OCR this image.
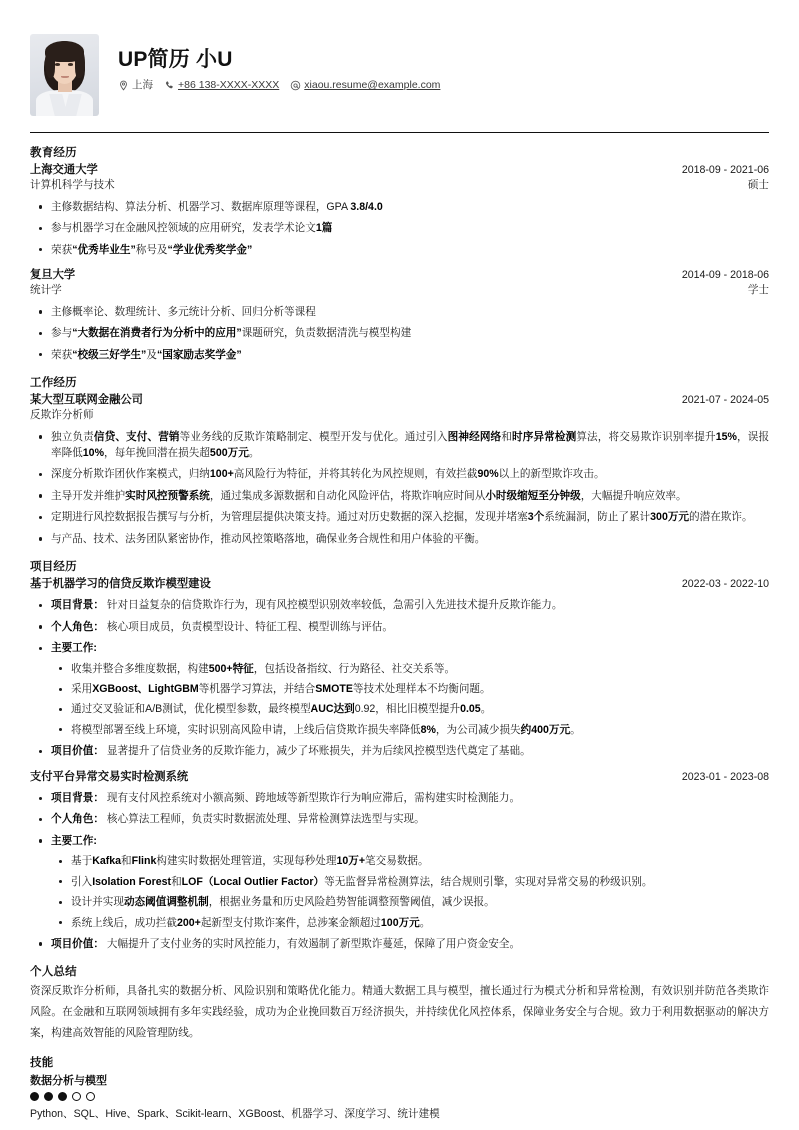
UP简历 小U
上海 +86 138-XXXX-XXXX xiaou.resume@example.com
教育经历
上海交通大学	2018-09 - 2021-06
计算机科学与技术	硕士
主修数据结构、算法分析、机器学习、数据库原理等课程，GPA 3.8/4.0
参与机器学习在金融风控领域的应用研究，发表学术论文1篇
荣获“优秀毕业生”称号及“学业优秀奖学金”
复旦大学	2014-09 - 2018-06
统计学	学士
主修概率论、数理统计、多元统计分析、回归分析等课程
参与“大数据在消费者行为分析中的应用”课题研究，负责数据清洗与模型构建
荣获“校级三好学生”及“国家励志奖学金”
工作经历
某大型互联网金融公司	2021-07 - 2024-05
反欺诈分析师
独立负责信贷、支付、营销等业务线的反欺诈策略制定、模型开发与优化。通过引入图神经网络和时序异常检测算法，将交易欺诈识别率提升15%，误报率降低10%，每年挽回潜在损失超500万元。
深度分析欺诈团伙作案模式，归纳100+高风险行为特征，并将其转化为风控规则，有效拦截90%以上的新型欺诈攻击。
主导开发并维护实时风控预警系统，通过集成多源数据和自动化风险评估，将欺诈响应时间从小时级缩短至分钟级，大幅提升响应效率。
定期进行风控数据报告撰写与分析，为管理层提供决策支持。通过对历史数据的深入挖掘，发现并堵塞3个系统漏洞，防止了累计300万元的潜在欺诈。
与产品、技术、法务团队紧密协作，推动风控策略落地，确保业务合规性和用户体验的平衡。
项目经历
基于机器学习的信贷反欺诈模型建设	2022-03 - 2022-10
项目背景： 针对日益复杂的信贷欺诈行为，现有风控模型识别效率较低，急需引入先进技术提升反欺诈能力。
个人角色： 核心项目成员，负责模型设计、特征工程、模型训练与评估。
主要工作:
收集并整合多维度数据，构建500+特征，包括设备指纹、行为路径、社交关系等。
采用XGBoost、LightGBM等机器学习算法，并结合SMOTE等技术处理样本不均衡问题。
通过交叉验证和A/B测试，优化模型参数，最终模型AUC达到0.92，相比旧模型提升0.05。
将模型部署至线上环境，实时识别高风险申请，上线后信贷欺诈损失率降低8%，为公司减少损失约400万元。
项目价值： 显著提升了信贷业务的反欺诈能力，减少了坏账损失，并为后续风控模型迭代奠定了基础。
支付平台异常交易实时检测系统	2023-01 - 2023-08
项目背景： 现有支付风控系统对小额高频、跨地域等新型欺诈行为响应滞后，需构建实时检测能力。
个人角色： 核心算法工程师，负责实时数据流处理、异常检测算法选型与实现。
主要工作:
基于Kafka和Flink构建实时数据处理管道，实现每秒处理10万+笔交易数据。
引入Isolation Forest和LOF（Local Outlier Factor）等无监督异常检测算法，结合规则引擎，实现对异常交易的秒级识别。
设计并实现动态阈值调整机制，根据业务量和历史风险趋势智能调整预警阈值，减少误报。
系统上线后，成功拦截200+起新型支付欺诈案件，总涉案金额超过100万元。
项目价值： 大幅提升了支付业务的实时风控能力，有效遏制了新型欺诈蔓延，保障了用户资金安全。
个人总结
资深反欺诈分析师，具备扎实的数据分析、风险识别和策略优化能力。精通大数据工具与模型，擅长通过行为模式分析和异常检测，有效识别并防范各类欺诈风险。在金融和互联网领域拥有多年实践经验，成功为企业挽回数百万经济损失，并持续优化风控体系，保障业务安全与合规。致力于利用数据驱动的解决方案，构建高效智能的风险管理防线。
技能
数据分析与模型
Python、SQL、Hive、Spark、Scikit-learn、XGBoost、机器学习、深度学习、统计建模
